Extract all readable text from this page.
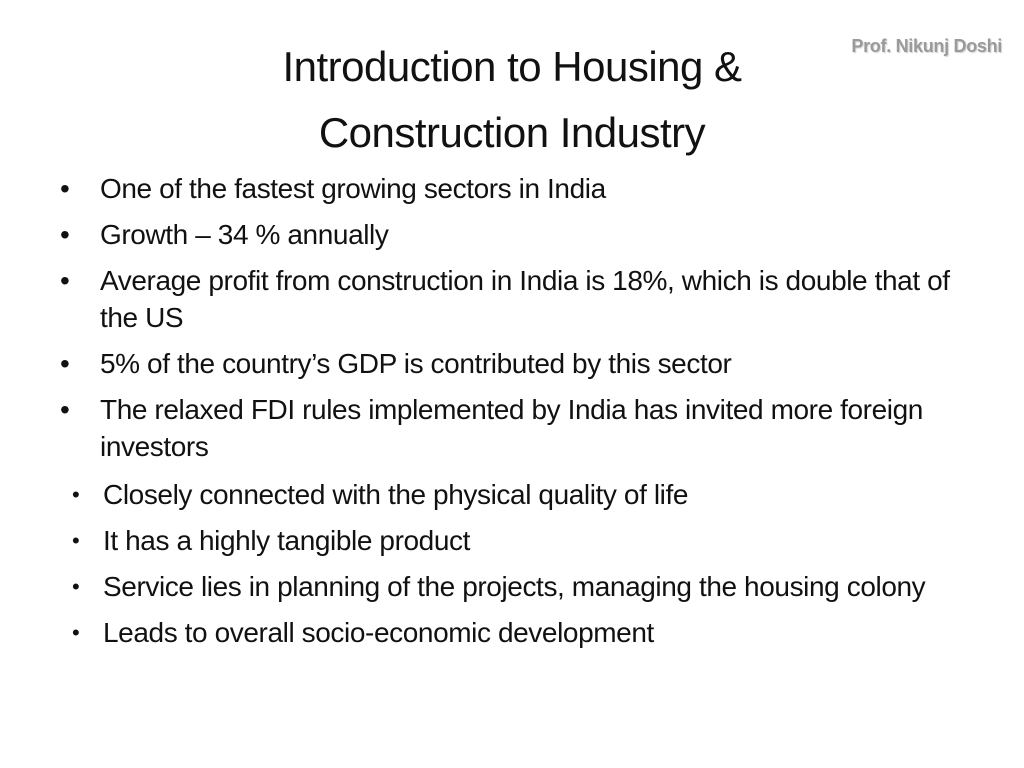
Prof. Nikunj Doshi
Introduction to Housing &
Construction Industry
• One of the fastest growing sectors in India
• Growth – 34 % annually
• Average profit from construction in India is 18%, which is double that of the US
• 5% of the country’s GDP is contributed by this sector
• The relaxed FDI rules implemented by India has invited more foreign investors
• Closely connected with the physical quality of life
• It has a highly tangible product
• Service lies in planning of the projects, managing the housing colony
• Leads to overall socio-economic development
